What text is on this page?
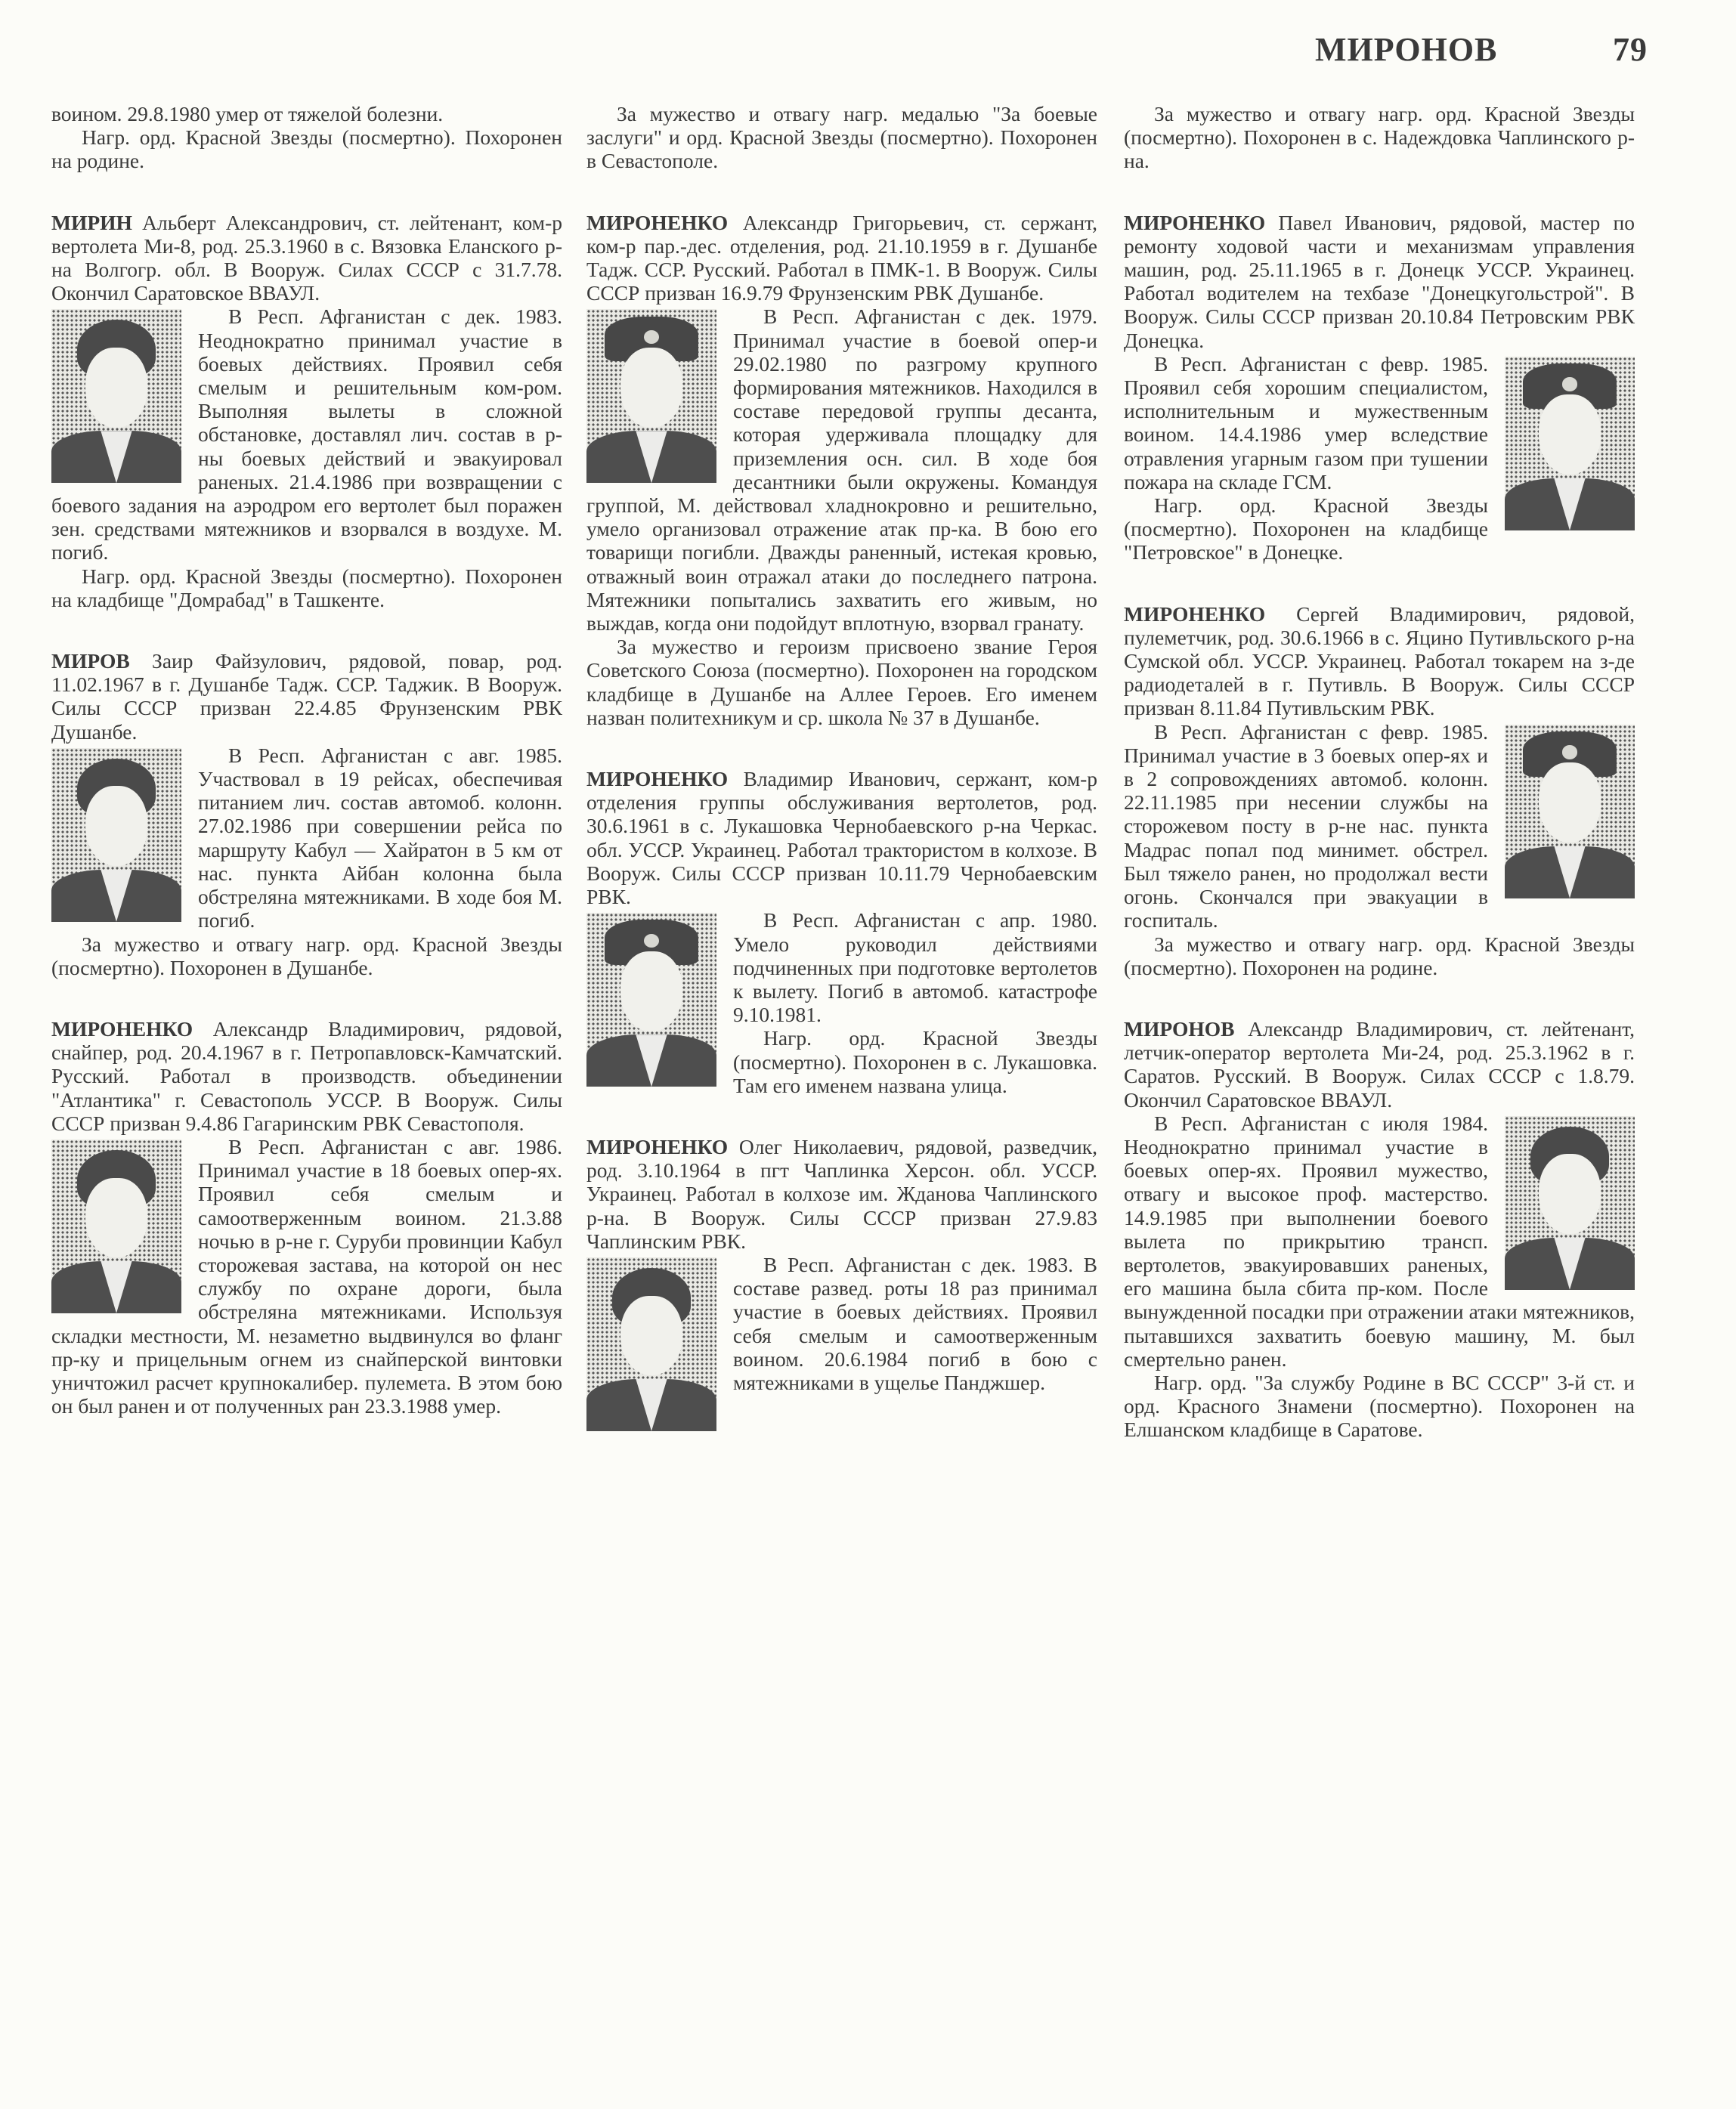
МИРОНОВ	79

воином. 29.8.1980 умер от тяжелой болезни.

Нагр. орд. Красной Звезды (посмертно). Похоронен на родине.

МИРИН Альберт Александрович, ст. лейтенант, ком-р вертолета Ми-8, род. 25.3.1960 в с. Вязовка Еланского р-на Волгогр. обл. В Вооруж. Силах СССР с 31.7.78. Окончил Саратовское ВВАУЛ.

В Респ. Афганистан с дек. 1983. Неоднократно принимал участие в боевых действиях. Проявил себя смелым и решительным ком-ром. Выполняя вылеты в сложной обстановке, доставлял лич. состав в р-ны боевых действий и эвакуировал раненых. 21.4.1986 при возвращении с боевого задания на аэродром его вертолет был поражен зен. средствами мятежников и взорвался в воздухе. М. погиб.

Нагр. орд. Красной Звезды (посмертно). Похоронен на кладбище "Домрабад" в Ташкенте.

МИРОВ Заир Файзулович, рядовой, повар, род. 11.02.1967 в г. Душанбе Тадж. ССР. Таджик. В Вооруж. Силы СССР призван 22.4.85 Фрунзенским РВК Душанбе.

В Респ. Афганистан с авг. 1985. Участвовал в 19 рейсах, обеспечивая питанием лич. состав автомоб. колонн. 27.02.1986 при совершении рейса по маршруту Кабул — Хайратон в 5 км от нас. пункта Айбан колонна была обстреляна мятежниками. В ходе боя М. погиб.

За мужество и отвагу нагр. орд. Красной Звезды (посмертно). Похоронен в Душанбе.

МИРОНЕНКО Александр Владимирович, рядовой, снайпер, род. 20.4.1967 в г. Петропавловск-Камчатский. Русский. Работал в производств. объединении "Атлантика" г. Севастополь УССР. В Вооруж. Силы СССР призван 9.4.86 Гагаринским РВК Севастополя.

В Респ. Афганистан с авг. 1986. Принимал участие в 18 боевых опер-ях. Проявил себя смелым и самоотверженным воином. 21.3.88 ночью в р-не г. Суруби провинции Кабул сторожевая застава, на которой он нес службу по охране дороги, была обстреляна мятежниками. Используя складки местности, М. незаметно выдвинулся во фланг пр-ку и прицельным огнем из снайперской винтовки уничтожил расчет крупнокалибер. пулемета. В этом бою он был ранен и от полученных ран 23.3.1988 умер.

За мужество и отвагу нагр. медалью "За боевые заслуги" и орд. Красной Звезды (посмертно). Похоронен в Севастополе.

МИРОНЕНКО Александр Григорьевич, ст. сержант, ком-р пар.-дес. отделения, род. 21.10.1959 в г. Душанбе Тадж. ССР. Русский. Работал в ПМК-1. В Вооруж. Силы СССР призван 16.9.79 Фрунзенским РВК Душанбе.

В Респ. Афганистан с дек. 1979. Принимал участие в боевой опер-и 29.02.1980 по разгрому крупного формирования мятежников. Находился в составе передовой группы десанта, которая удерживала площадку для приземления осн. сил. В ходе боя десантники были окружены. Командуя группой, М. действовал хладнокровно и решительно, умело организовал отражение атак пр-ка. В бою его товарищи погибли. Дважды раненный, истекая кровью, отважный воин отражал атаки до последнего патрона. Мятежники попытались захватить его живым, но выждав, когда они подойдут вплотную, взорвал гранату.

За мужество и героизм присвоено звание Героя Советского Союза (посмертно). Похоронен на городском кладбище в Душанбе на Аллее Героев. Его именем назван политехникум и ср. школа № 37 в Душанбе.

МИРОНЕНКО Владимир Иванович, сержант, ком-р отделения группы обслуживания вертолетов, род. 30.6.1961 в с. Лукашовка Чернобаевского р-на Черкас. обл. УССР. Украинец. Работал трактористом в колхозе. В Вооруж. Силы СССР призван 10.11.79 Чернобаевским РВК.

В Респ. Афганистан с апр. 1980. Умело руководил действиями подчиненных при подготовке вертолетов к вылету. Погиб в автомоб. катастрофе 9.10.1981.

Нагр. орд. Красной Звезды (посмертно). Похоронен в с. Лукашовка. Там его именем названа улица.

МИРОНЕНКО Олег Николаевич, рядовой, разведчик, род. 3.10.1964 в пгт Чаплинка Херсон. обл. УССР. Украинец. Работал в колхозе им. Жданова Чаплинского р-на. В Вооруж. Силы СССР призван 27.9.83 Чаплинским РВК.

В Респ. Афганистан с дек. 1983. В составе развед. роты 18 раз принимал участие в боевых действиях. Проявил себя смелым и самоотверженным воином. 20.6.1984 погиб в бою с мятежниками в ущелье Панджшер.

За мужество и отвагу нагр. орд. Красной Звезды (посмертно). Похоронен в с. Надеждовка Чаплинского р-на.

МИРОНЕНКО Павел Иванович, рядовой, мастер по ремонту ходовой части и механизмам управления машин, род. 25.11.1965 в г. Донецк УССР. Украинец. Работал водителем на техбазе "Донецкугольстрой". В Вооруж. Силы СССР призван 20.10.84 Петровским РВК Донецка.

В Респ. Афганистан с февр. 1985. Проявил себя хорошим специалистом, исполнительным и мужественным воином. 14.4.1986 умер вследствие отравления угарным газом при тушении пожара на складе ГСМ.

Нагр. орд. Красной Звезды (посмертно). Похоронен на кладбище "Петровское" в Донецке.

МИРОНЕНКО Сергей Владимирович, рядовой, пулеметчик, род. 30.6.1966 в с. Яцино Путивльского р-на Сумской обл. УССР. Украинец. Работал токарем на з-де радиодеталей в г. Путивль. В Вооруж. Силы СССР призван 8.11.84 Путивльским РВК.

В Респ. Афганистан с февр. 1985. Принимал участие в 3 боевых опер-ях и в 2 сопровождениях автомоб. колонн. 22.11.1985 при несении службы на сторожевом посту в р-не нас. пункта Мадрас попал под минимет. обстрел. Был тяжело ранен, но продолжал вести огонь. Скончался при эвакуации в госпиталь.

За мужество и отвагу нагр. орд. Красной Звезды (посмертно). Похоронен на родине.

МИРОНОВ Александр Владимирович, ст. лейтенант, летчик-оператор вертолета Ми-24, род. 25.3.1962 в г. Саратов. Русский. В Вооруж. Силах СССР с 1.8.79. Окончил Саратовское ВВАУЛ.

В Респ. Афганистан с июля 1984. Неоднократно принимал участие в боевых опер-ях. Проявил мужество, отвагу и высокое проф. мастерство. 14.9.1985 при выполнении боевого вылета по прикрытию трансп. вертолетов, эвакуировавших раненых, его машина была сбита пр-ком. После вынужденной посадки при отражении атаки мятежников, пытавшихся захватить боевую машину, М. был смертельно ранен.

Нагр. орд. "За службу Родине в ВС СССР" 3-й ст. и орд. Красного Знамени (посмертно). Похоронен на Елшанском кладбище в Саратове.
